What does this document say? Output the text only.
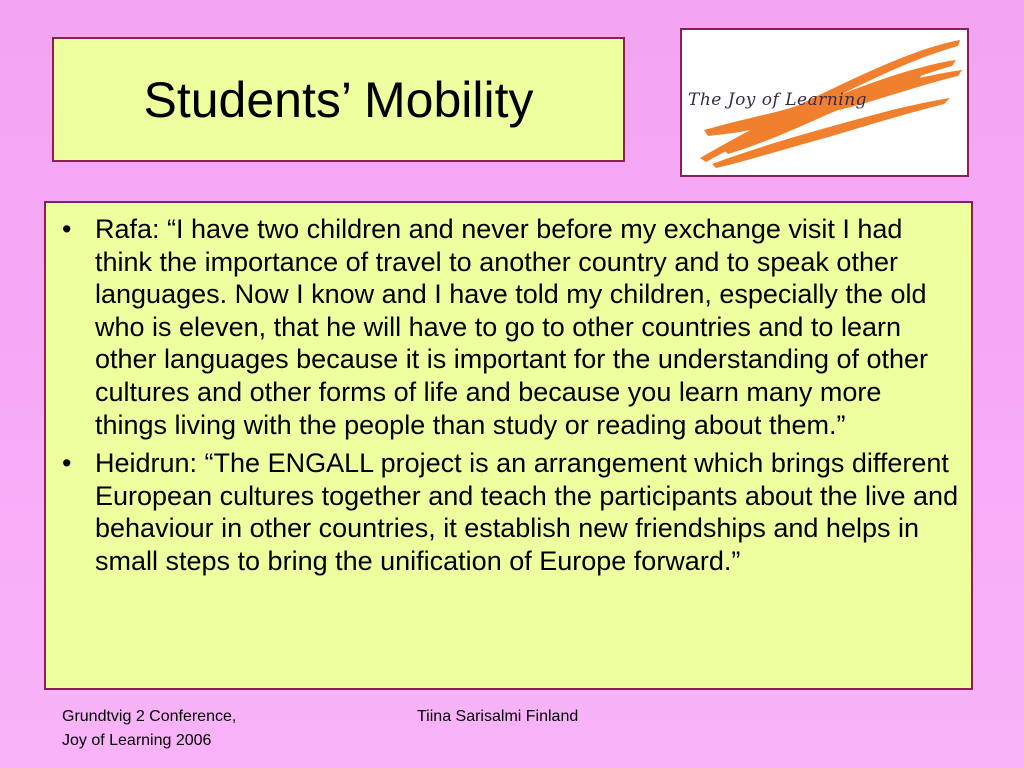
Students’ Mobility	The Joy of Learning
• Rafa: “I have two children and never before my exchange visit I had think the importance of travel to another country and to speak other languages. Now I know and I have told my children, especially the old who is eleven, that he will have to go to other countries and to learn other languages because it is important for the understanding of other cultures and other forms of life and because you learn many more things living with the people than study or reading about them.”
• Heidrun: “The ENGALL project is an arrangement which brings different European cultures together and teach the participants about the live and behaviour in other countries, it establish new friendships and helps in small steps to bring the unification of Europe forward.”
Grundtvig 2 Conference,
Joy of Learning 2006
Tiina Sarisalmi Finland
